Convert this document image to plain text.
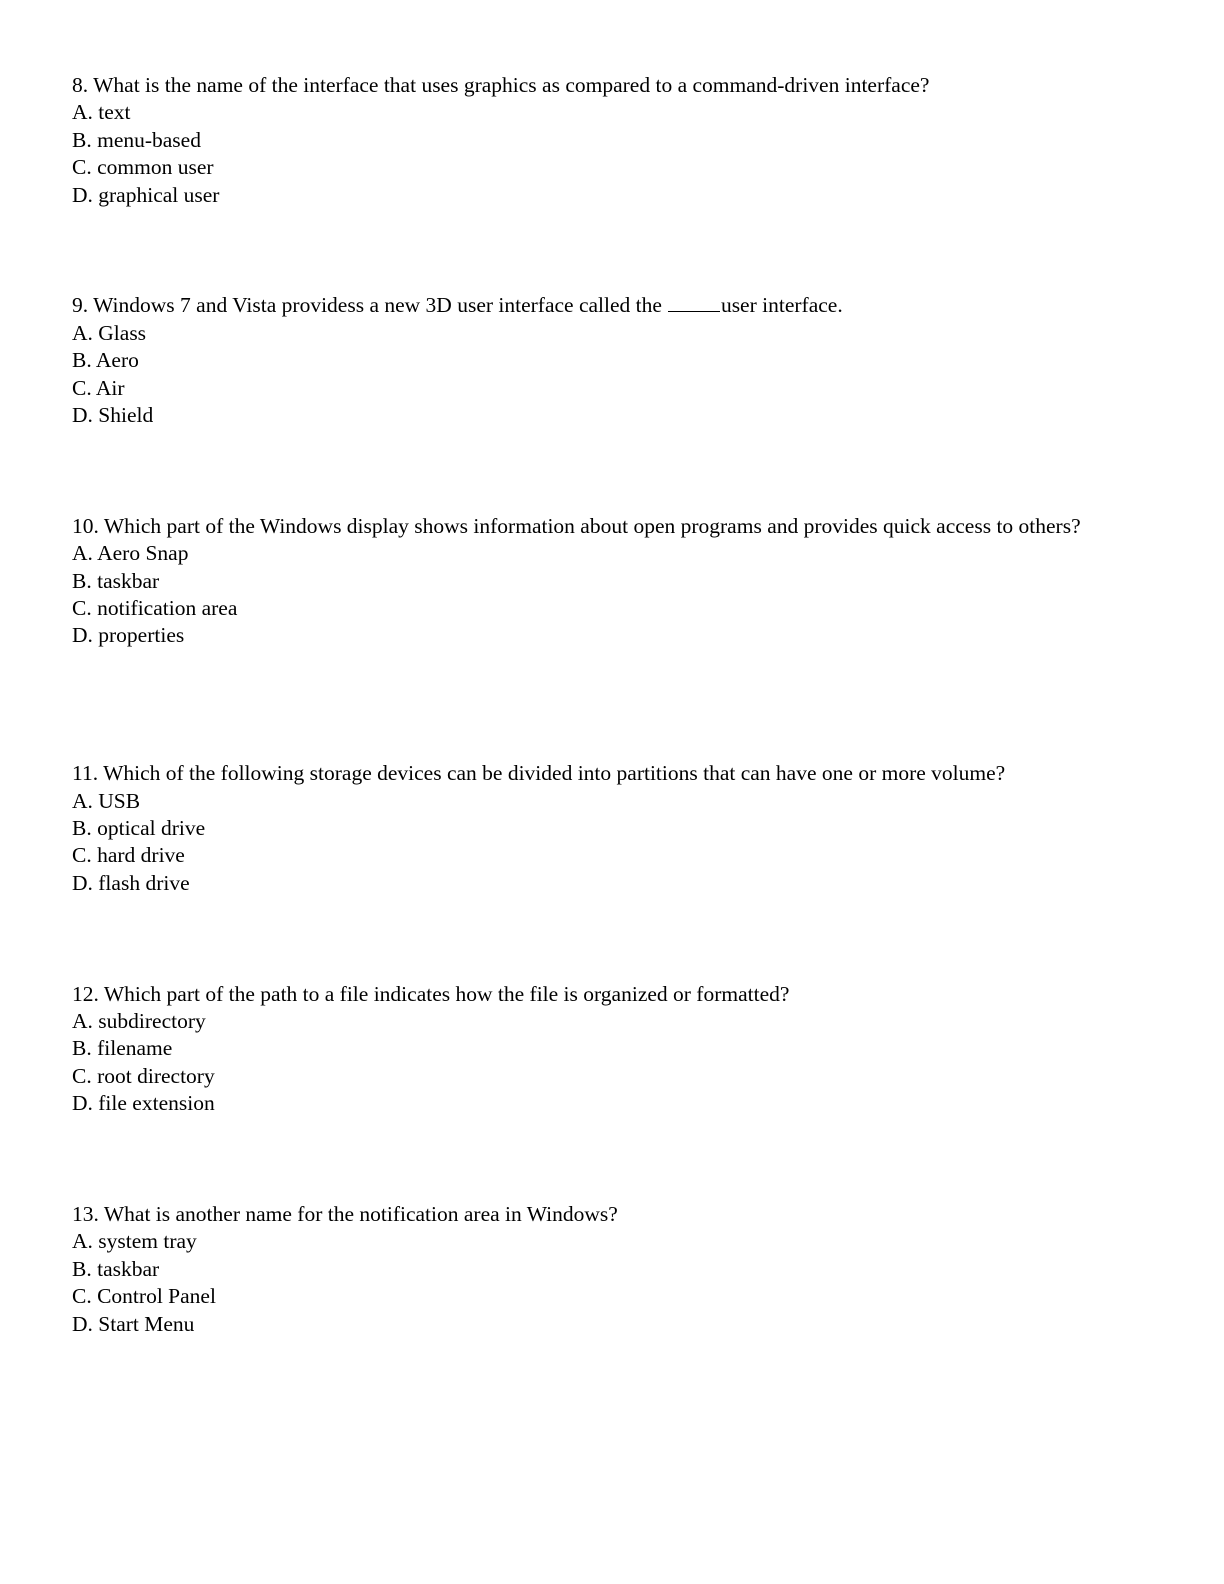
8. What is the name of the interface that uses graphics as compared to a command-driven interface?

A. text

B. menu-based

C. common user

D. graphical user

9. Windows 7 and Vista providess a new 3D user interface called the	user interface.

A. Glass

B. Aero

C. Air

D. Shield

10. Which part of the Windows display shows information about open programs and provides quick access to others?

A. Aero Snap

B. taskbar

C. notification area

D. properties

11. Which of the following storage devices can be divided into partitions that can have one or more volume?

A. USB

B. optical drive

C. hard drive

D. flash drive

12. Which part of the path to a file indicates how the file is organized or formatted?

A. subdirectory

B. filename

C. root directory

D. file extension

13. What is another name for the notification area in Windows?

A. system tray

B. taskbar

C. Control Panel

D. Start Menu
